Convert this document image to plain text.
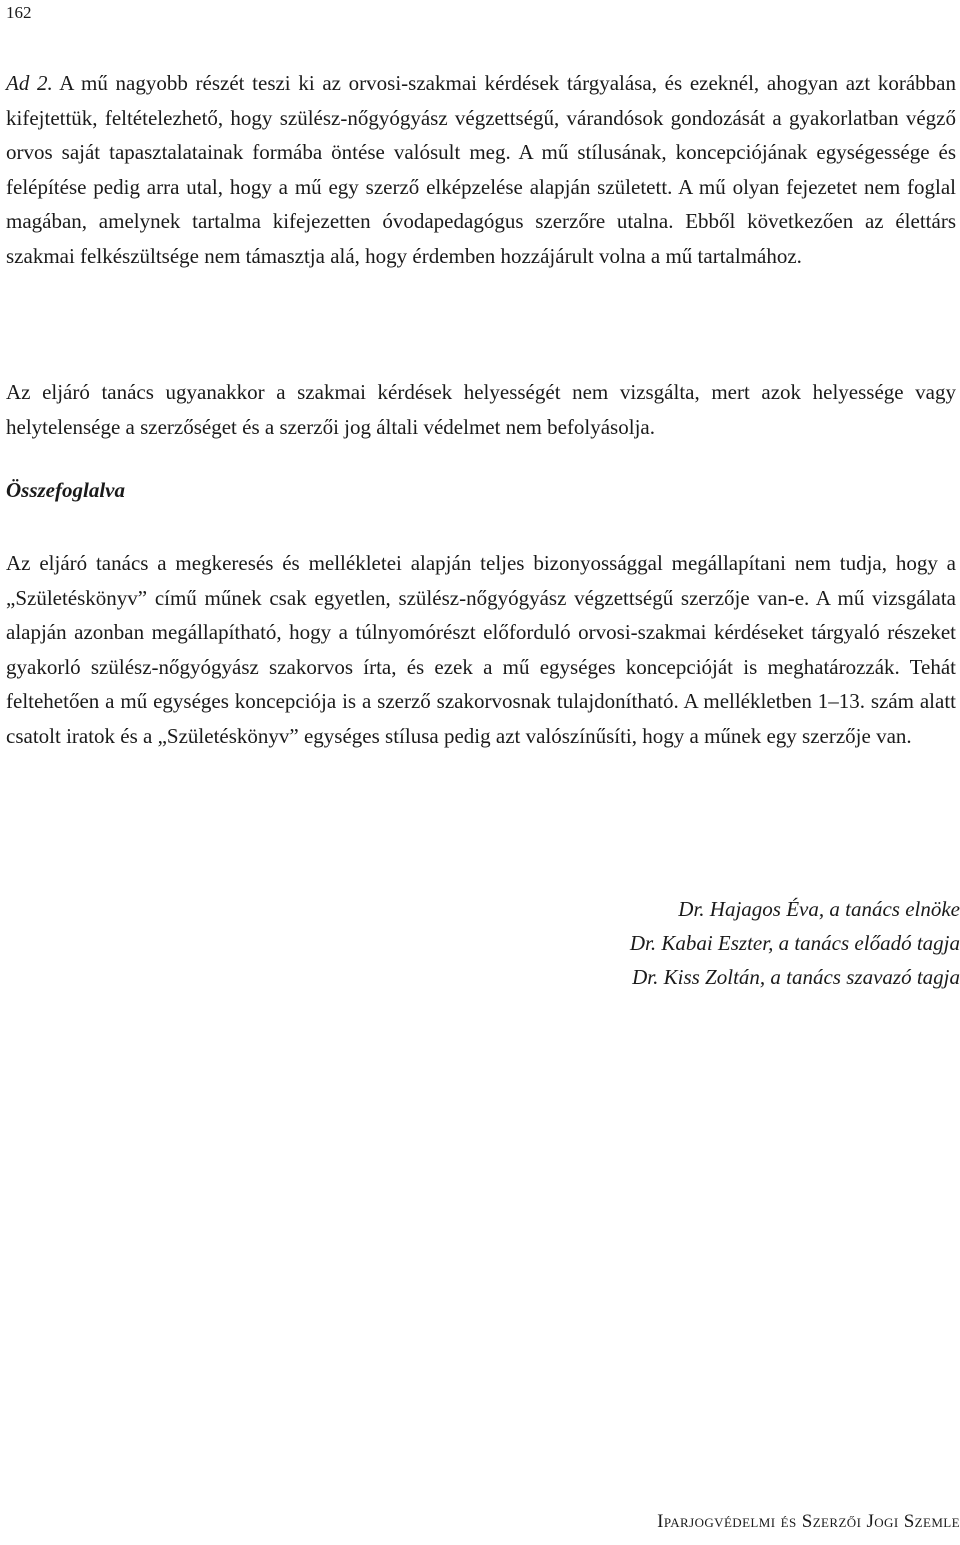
162

Ad 2. A mű nagyobb részét teszi ki az orvosi-szakmai kérdések tárgyalása, és ezeknél, ahogyan azt korábban kifejtettük, feltételezhető, hogy szülész-nőgyógyász végzettségű, várandósok gondozását a gyakorlatban végző orvos saját tapasztalatainak formába öntése valósult meg. A mű stílusának, koncepciójának egységessége és felépítése pedig arra utal, hogy a mű egy szerző elképzelése alapján született. A mű olyan fejezetet nem foglal magában, amelynek tartalma kifejezetten óvodapedagógus szerzőre utalna. Ebből következően az élettárs szakmai felkészültsége nem támasztja alá, hogy érdemben hozzájárult volna a mű tartalmához.

Az eljáró tanács ugyanakkor a szakmai kérdések helyességét nem vizsgálta, mert azok helyessége vagy helytelensége a szerzőséget és a szerzői jog általi védelmet nem befolyásolja.

Összefoglalva

Az eljáró tanács a megkeresés és mellékletei alapján teljes bizonyossággal megállapítani nem tudja, hogy a „Születéskönyv” című műnek csak egyetlen, szülész-nőgyógyász végzettségű szerzője van-e. A mű vizsgálata alapján azonban megállapítható, hogy a túlnyomórészt előforduló orvosi-szakmai kérdéseket tárgyaló részeket gyakorló szülész-nőgyógyász szakorvos írta, és ezek a mű egységes koncepcióját is meghatározzák. Tehát feltehetően a mű egységes koncepciója is a szerző szakorvosnak tulajdonítható. A mellékletben 1–13. szám alatt csatolt iratok és a „Születéskönyv” egységes stílusa pedig azt valószínűsíti, hogy a műnek egy szerzője van.

Dr. Hajagos Éva, a tanács elnöke
Dr. Kabai Eszter, a tanács előadó tagja
Dr. Kiss Zoltán, a tanács szavazó tagja
Iparjogvédelmi és Szerzői Jogi Szemle
